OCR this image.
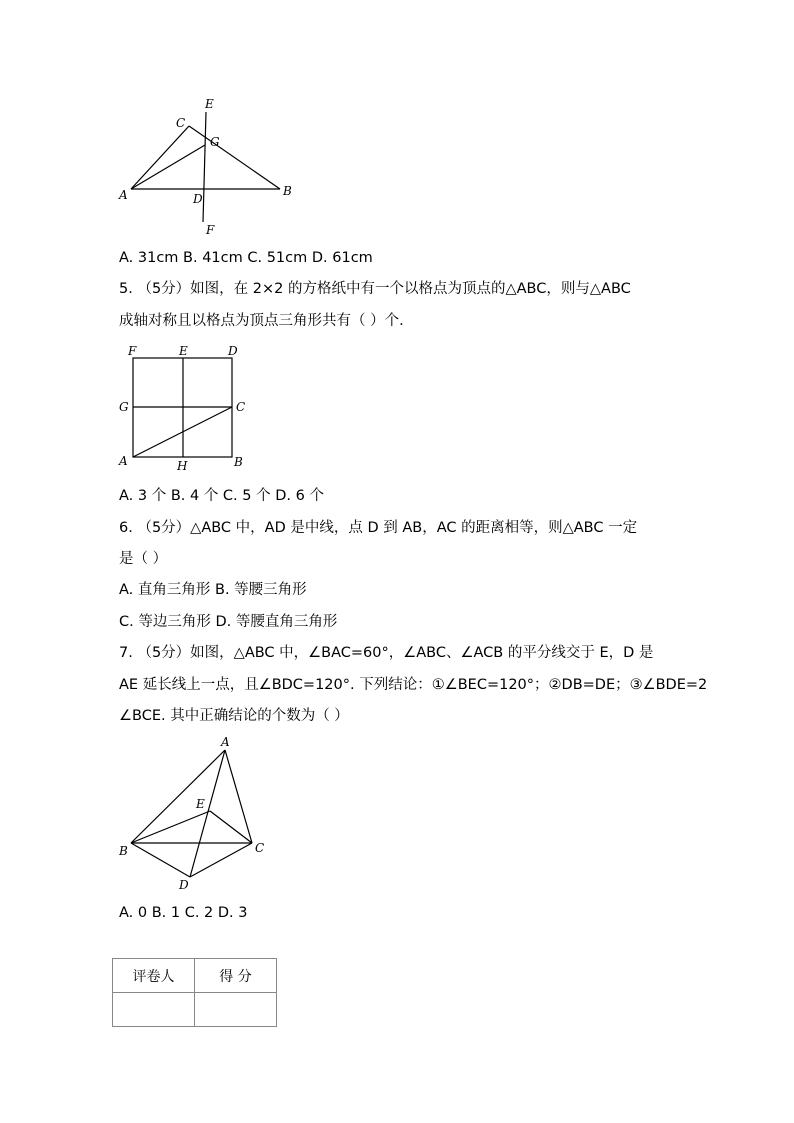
E
C
G
A	D
B
F
A. 31cm B. 41cm C. 51cm D. 61cm
5. （5分）如图，在 2×2 的方格纸中有一个以格点为顶点的△ABC，则与△ABC
成轴对称且以格点为顶点三角形共有（ ）个.
F	E	D
G	C
A	H	B
A. 3 个 B. 4 个 C. 5 个 D. 6 个
6. （5分）△ABC 中，AD 是中线，点 D 到 AB，AC 的距离相等，则△ABC 一定
是（ ）
A. 直角三角形 B. 等腰三角形
C. 等边三角形 D. 等腰直角三角形
7. （5分）如图，△ABC 中，∠BAC=60°，∠ABC、∠ACB 的平分线交于 E，D 是
AE 延长线上一点，且∠BDC=120°. 下列结论：①∠BEC=120°；②DB=DE；③∠BDE=2
∠BCE. 其中正确结论的个数为（ ）
A
E
B	C
D
A. 0 B. 1 C. 2 D. 3
评卷人	得 分
